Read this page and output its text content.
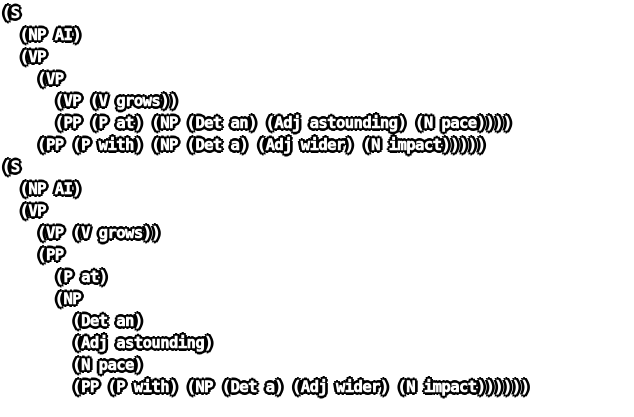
(S
(NP AI)
(VP
(VP
(VP (V grows))
(PP (P at) (NP (Det an) (Adj astounding) (N pace))))
(PP (P with) (NP (Det a) (Adj wider) (N impact)))))
(S
(NP AI)
(VP
(VP (V grows))
(PP
(P at)
(NP
(Det an)
(Adj astounding)
(N pace)
(PP (P with) (NP (Det a) (Adj wider) (N impact))))))
